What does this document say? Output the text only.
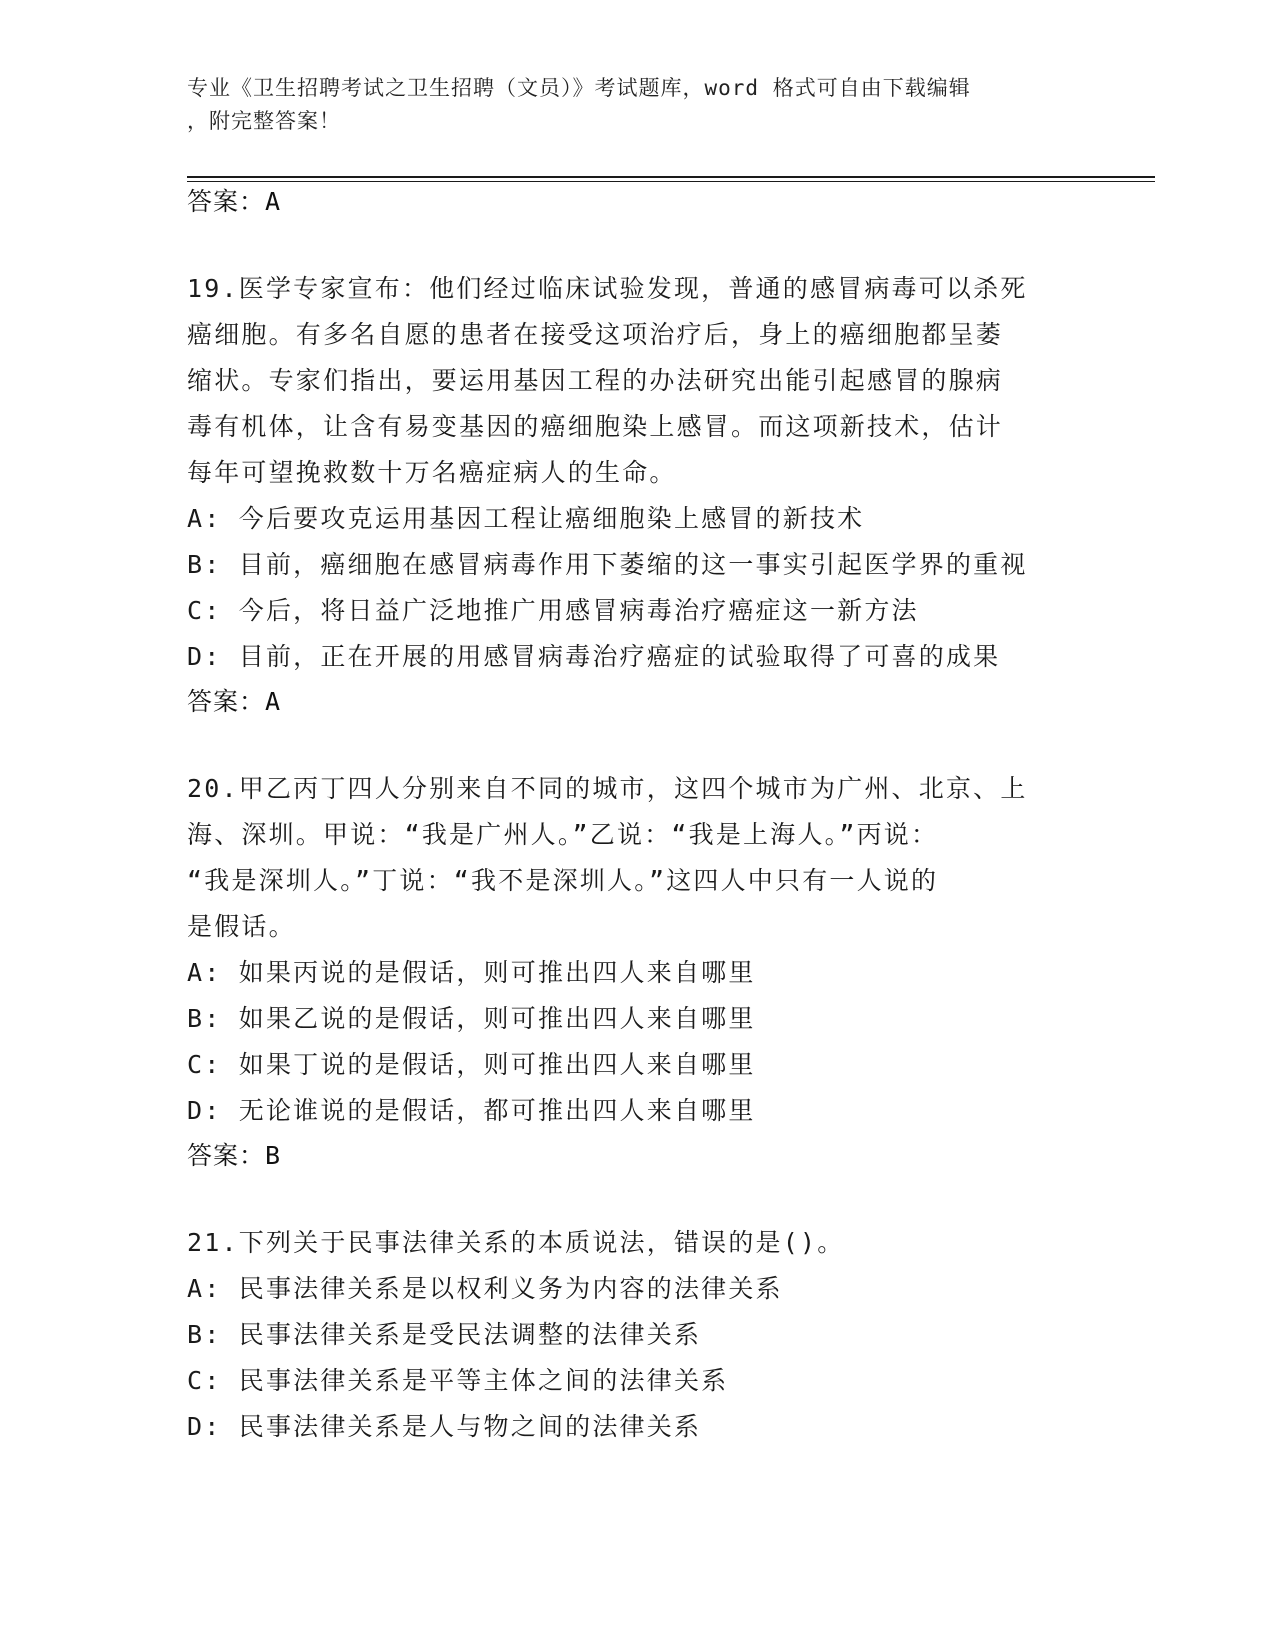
专业《卫生招聘考试之卫生招聘（文员）》考试题库，word 格式可自由下载编辑
，附完整答案！
答案：A
19.医学专家宣布：他们经过临床试验发现，普通的感冒病毒可以杀死
癌细胞。有多名自愿的患者在接受这项治疗后，身上的癌细胞都呈萎
缩状。专家们指出，要运用基因工程的办法研究出能引起感冒的腺病
毒有机体，让含有易变基因的癌细胞染上感冒。而这项新技术，估计
每年可望挽救数十万名癌症病人的生命。
A: 今后要攻克运用基因工程让癌细胞染上感冒的新技术
B: 目前，癌细胞在感冒病毒作用下萎缩的这一事实引起医学界的重视
C: 今后，将日益广泛地推广用感冒病毒治疗癌症这一新方法
D: 目前，正在开展的用感冒病毒治疗癌症的试验取得了可喜的成果
答案：A
20.甲乙丙丁四人分别来自不同的城市，这四个城市为广州、北京、上
海、深圳。甲说：“我是广州人。”乙说：“我是上海人。”丙说：
“我是深圳人。”丁说：“我不是深圳人。”这四人中只有一人说的
是假话。
A: 如果丙说的是假话，则可推出四人来自哪里
B: 如果乙说的是假话，则可推出四人来自哪里
C: 如果丁说的是假话，则可推出四人来自哪里
D: 无论谁说的是假话，都可推出四人来自哪里
答案：B
21.下列关于民事法律关系的本质说法，错误的是()。
A: 民事法律关系是以权利义务为内容的法律关系
B: 民事法律关系是受民法调整的法律关系
C: 民事法律关系是平等主体之间的法律关系
D: 民事法律关系是人与物之间的法律关系
